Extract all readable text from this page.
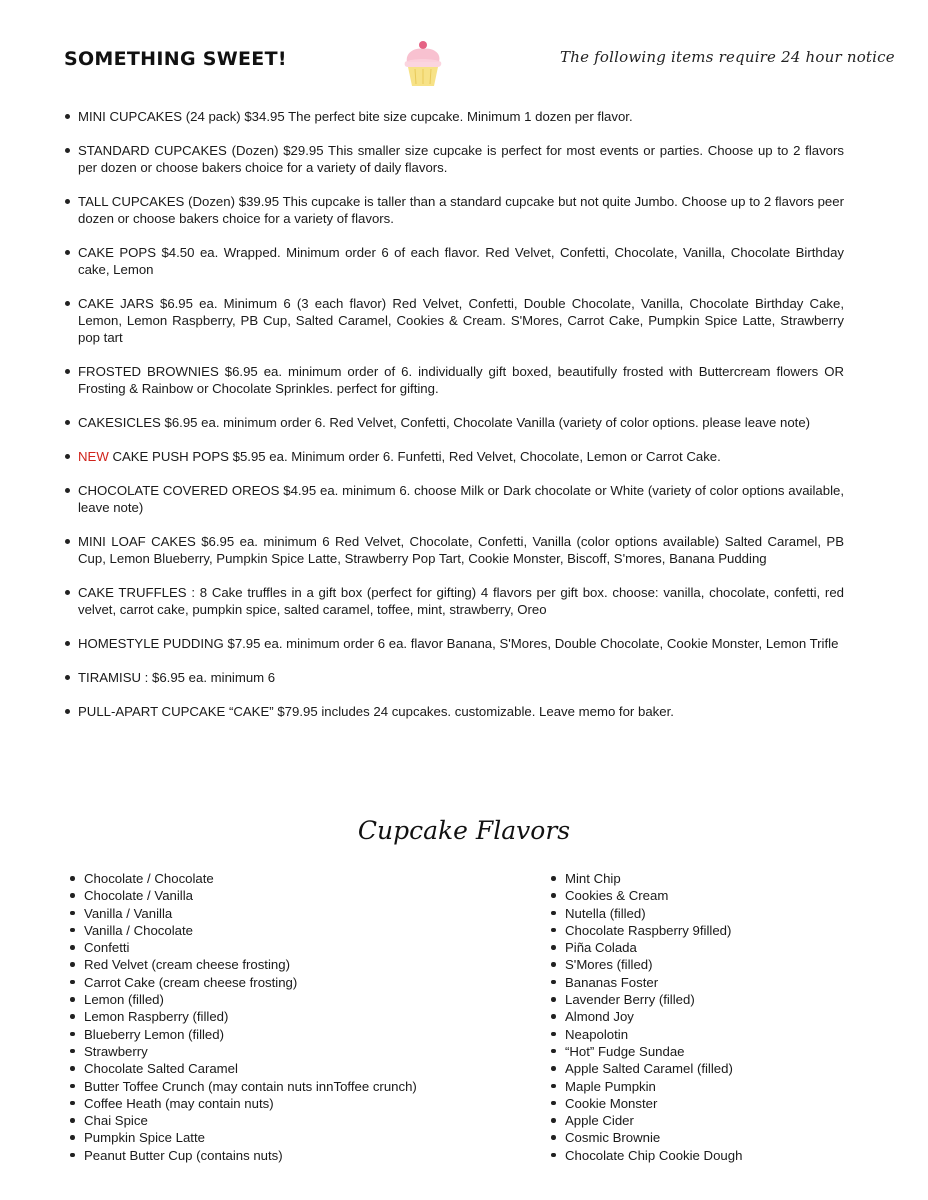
SOMETHING SWEET!	The following items require 24 hour notice
MINI CUPCAKES (24 pack) $34.95 The perfect bite size cupcake. Minimum 1 dozen per flavor.
STANDARD CUPCAKES (Dozen) $29.95 This smaller size cupcake is perfect for most events or parties. Choose up to 2 flavors per dozen or choose bakers choice for a variety of daily flavors.
TALL CUPCAKES (Dozen) $39.95 This cupcake is taller than a standard cupcake but not quite Jumbo. Choose up to 2 flavors peer dozen or choose bakers choice for a variety of flavors.
CAKE POPS $4.50 ea. Wrapped. Minimum order 6 of each flavor. Red Velvet, Confetti, Chocolate, Vanilla, Chocolate Birthday cake, Lemon
CAKE JARS $6.95 ea. Minimum 6 (3 each flavor) Red Velvet, Confetti, Double Chocolate, Vanilla, Chocolate Birthday Cake, Lemon, Lemon Raspberry, PB Cup, Salted Caramel, Cookies & Cream. S'Mores, Carrot Cake, Pumpkin Spice Latte, Strawberry pop tart
FROSTED BROWNIES $6.95 ea. minimum order of 6. individually gift boxed, beautifully frosted with Buttercream flowers OR Frosting & Rainbow or Chocolate Sprinkles. perfect for gifting.
CAKESICLES $6.95 ea. minimum order 6. Red Velvet, Confetti, Chocolate Vanilla (variety of color options. please leave note)
NEW CAKE PUSH POPS $5.95 ea. Minimum order 6. Funfetti, Red Velvet, Chocolate, Lemon or Carrot Cake.
CHOCOLATE COVERED OREOS $4.95 ea. minimum 6. choose Milk or Dark chocolate or White (variety of color options available, leave note)
MINI LOAF CAKES $6.95 ea. minimum 6 Red Velvet, Chocolate, Confetti, Vanilla (color options available) Salted Caramel, PB Cup, Lemon Blueberry, Pumpkin Spice Latte, Strawberry Pop Tart, Cookie Monster, Biscoff, S'mores, Banana Pudding
CAKE TRUFFLES : 8 Cake truffles in a gift box (perfect for gifting) 4 flavors per gift box. choose: vanilla, chocolate, confetti, red velvet, carrot cake, pumpkin spice, salted caramel, toffee, mint, strawberry, Oreo
HOMESTYLE PUDDING $7.95 ea. minimum order 6 ea. flavor Banana, S'Mores, Double Chocolate, Cookie Monster, Lemon Trifle
TIRAMISU : $6.95 ea. minimum 6
PULL-APART CUPCAKE “CAKE” $79.95 includes 24 cupcakes. customizable. Leave memo for baker.
Cupcake Flavors
Chocolate / Chocolate
Chocolate / Vanilla
Vanilla / Vanilla
Vanilla / Chocolate
Confetti
Red Velvet (cream cheese frosting)
Carrot Cake (cream cheese frosting)
Lemon (filled)
Lemon Raspberry (filled)
Blueberry Lemon (filled)
Strawberry
Chocolate Salted Caramel
Butter Toffee Crunch (may contain nuts innToffee crunch)
Coffee Heath (may contain nuts)
Chai Spice
Pumpkin Spice Latte
Peanut Butter Cup (contains nuts)
Mint Chip
Cookies & Cream
Nutella (filled)
Chocolate Raspberry 9filled)
Piña Colada
S'Mores (filled)
Bananas Foster
Lavender Berry (filled)
Almond Joy
Neapolotin
“Hot” Fudge Sundae
Apple Salted Caramel (filled)
Maple Pumpkin
Cookie Monster
Apple Cider
Cosmic Brownie
Chocolate Chip Cookie Dough
